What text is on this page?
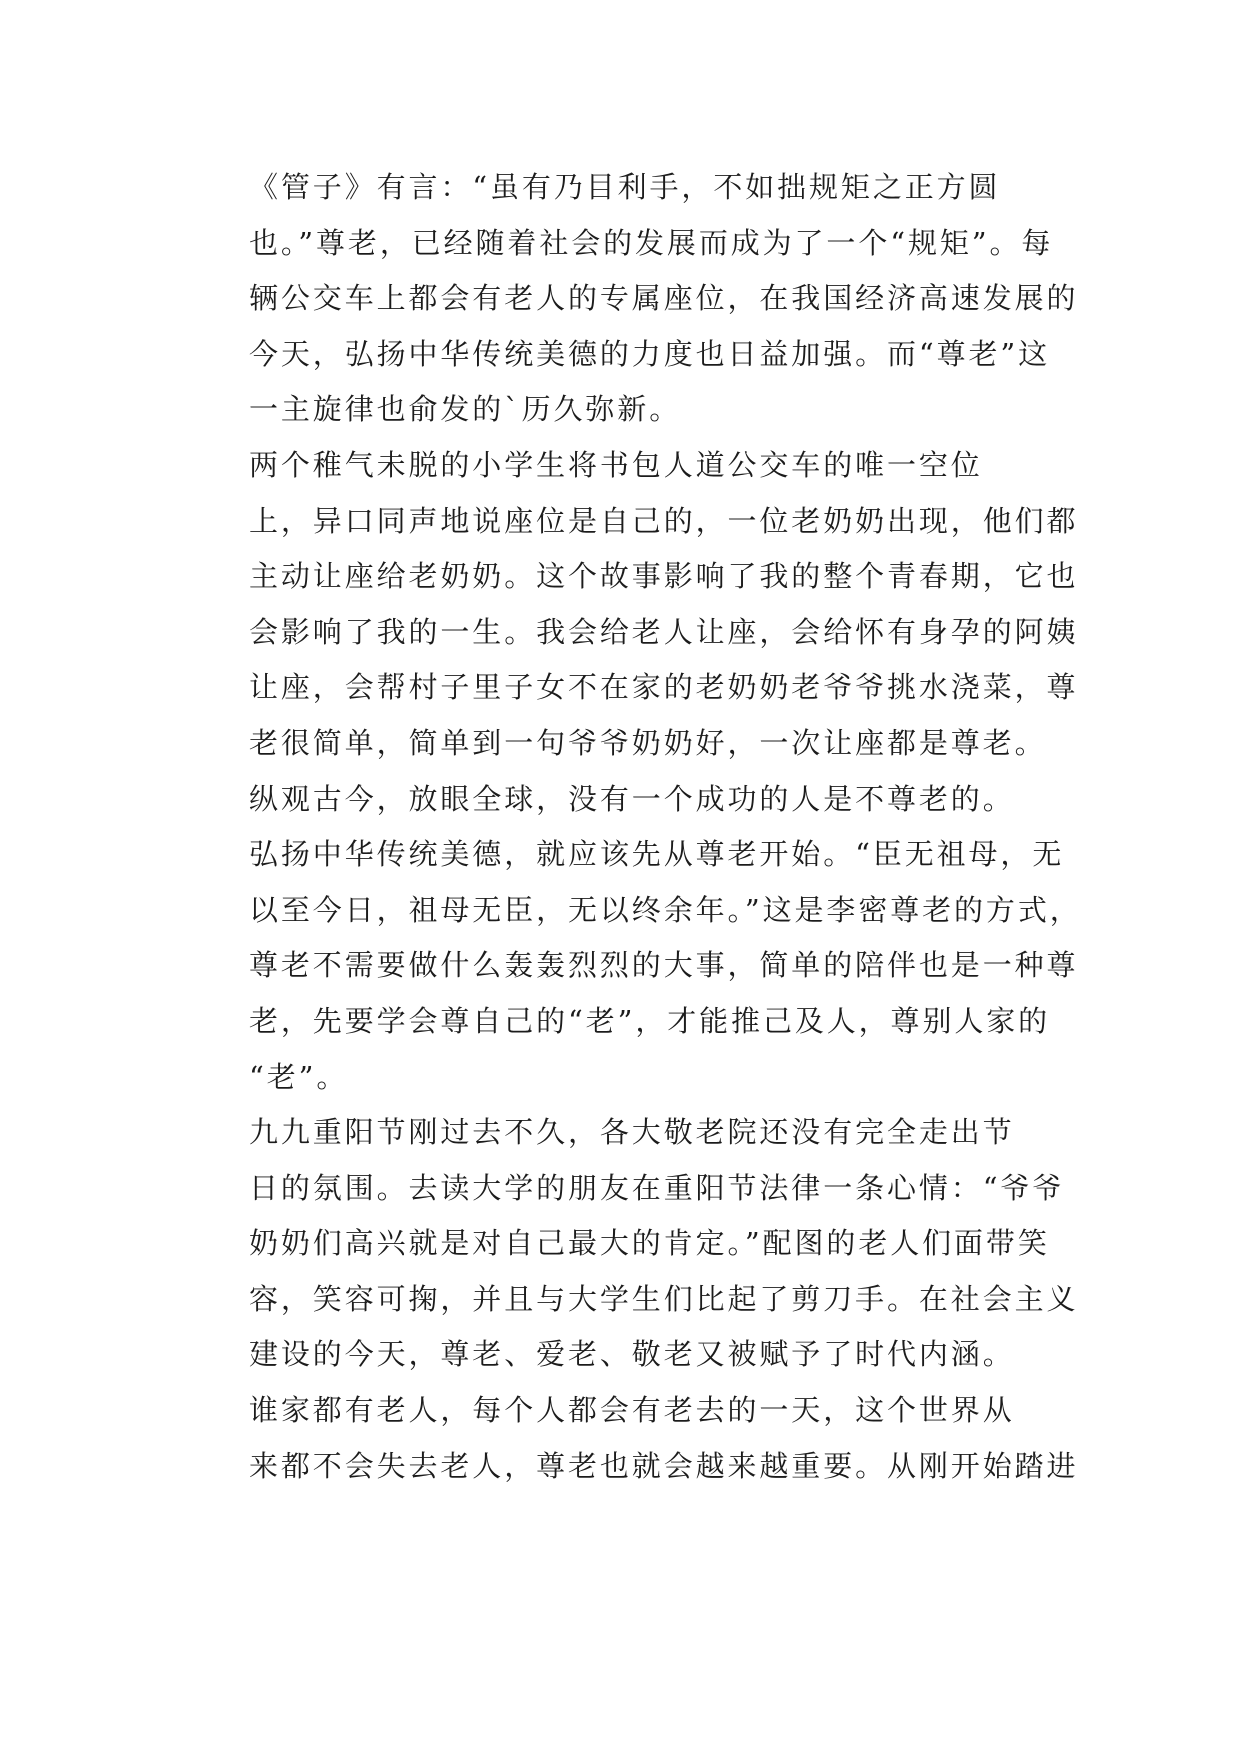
《管子》有言：“虽有乃目利手，不如拙规矩之正方圆
也。”尊老，已经随着社会的发展而成为了一个“规矩”。每
辆公交车上都会有老人的专属座位，在我国经济高速发展的
今天，弘扬中华传统美德的力度也日益加强。而“尊老”这
一主旋律也俞发的`历久弥新。

两个稚气未脱的小学生将书包人道公交车的唯一空位
上，异口同声地说座位是自己的，一位老奶奶出现，他们都
主动让座给老奶奶。这个故事影响了我的整个青春期，它也
会影响了我的一生。我会给老人让座，会给怀有身孕的阿姨
让座，会帮村子里子女不在家的老奶奶老爷爷挑水浇菜，尊
老很简单，简单到一句爷爷奶奶好，一次让座都是尊老。

纵观古今，放眼全球，没有一个成功的人是不尊老的。
弘扬中华传统美德，就应该先从尊老开始。“臣无祖母，无
以至今日，祖母无臣，无以终余年。”这是李密尊老的方式，
尊老不需要做什么轰轰烈烈的大事，简单的陪伴也是一种尊
老，先要学会尊自己的“老”，才能推己及人，尊别人家的
“老”。

九九重阳节刚过去不久，各大敬老院还没有完全走出节
日的氛围。去读大学的朋友在重阳节法律一条心情：“爷爷
奶奶们高兴就是对自己最大的肯定。”配图的老人们面带笑
容，笑容可掬，并且与大学生们比起了剪刀手。在社会主义
建设的今天，尊老、爱老、敬老又被赋予了时代内涵。

谁家都有老人，每个人都会有老去的一天，这个世界从
来都不会失去老人，尊老也就会越来越重要。从刚开始踏进
